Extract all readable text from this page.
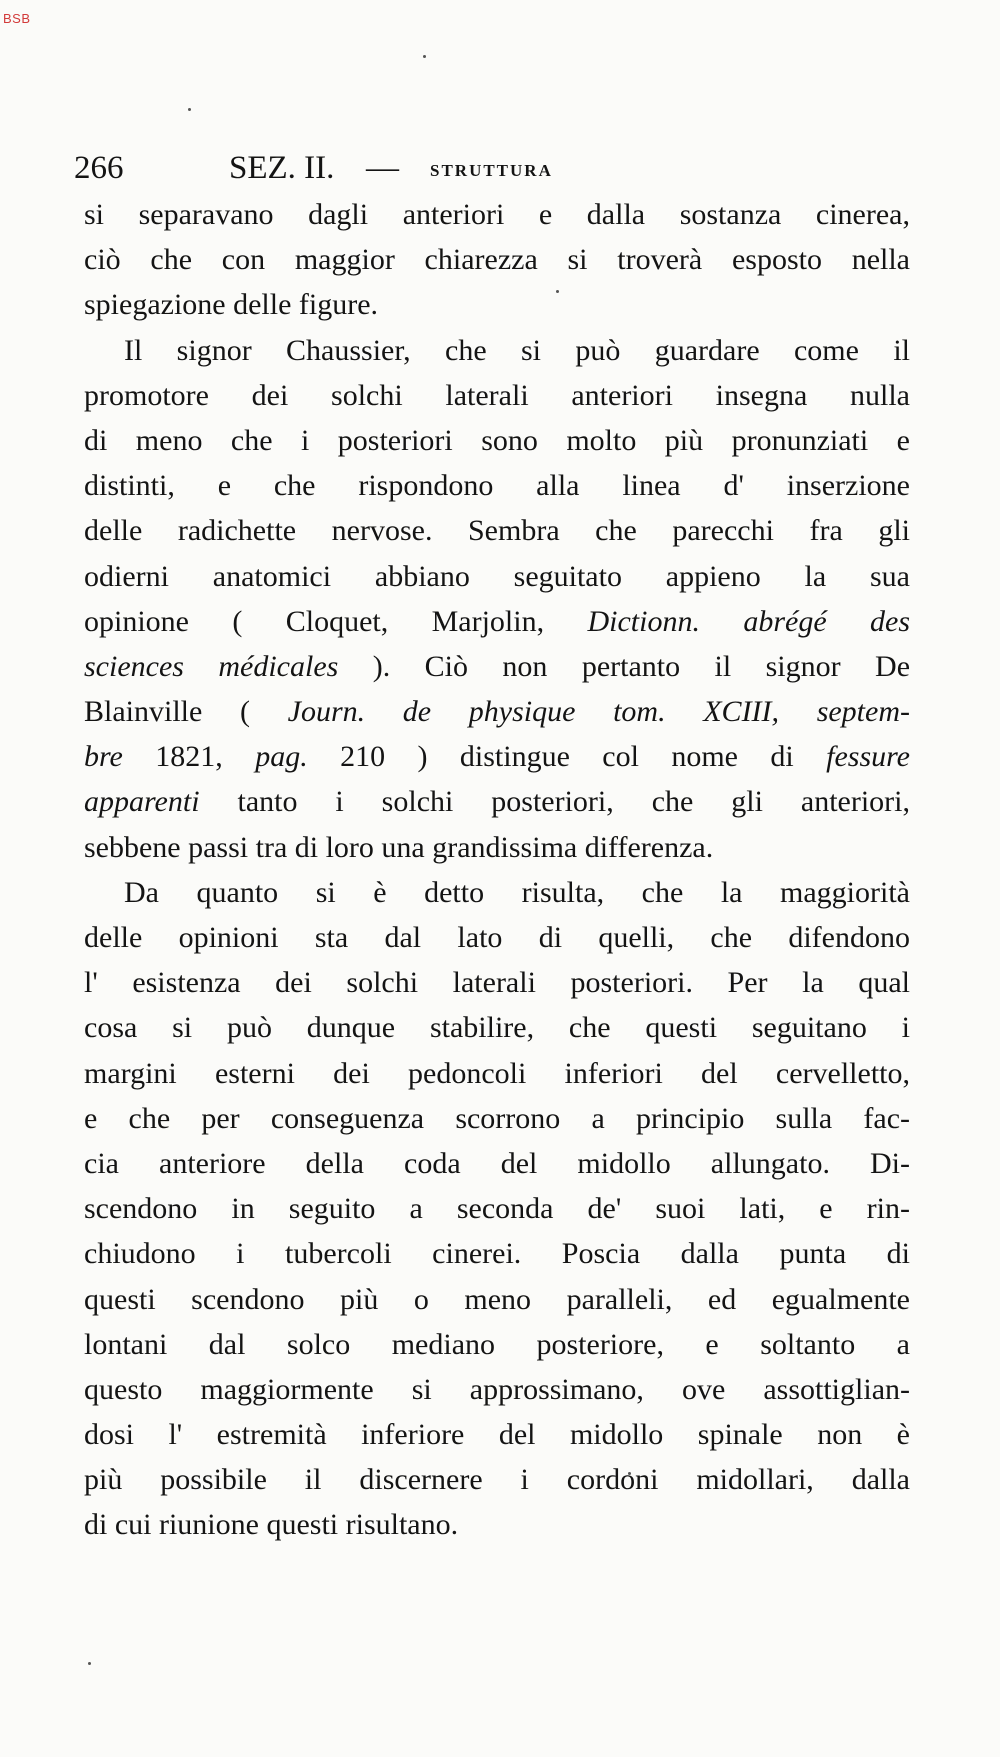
BSB
266	SEZ. II. — STRUTTURA
si separavano dagli anteriori e dalla sostanza cinerea,
ciò che con maggior chiarezza si troverà esposto nella
spiegazione delle figure.
Il signor Chaussier, che si può guardare come il
promotore dei solchi laterali anteriori insegna nulla
di meno che i posteriori sono molto più pronunziati e
distinti, e che rispondono alla linea d' inserzione
delle radichette nervose. Sembra che parecchi fra gli
odierni anatomici abbiano seguitato appieno la sua
opinione ( Cloquet, Marjolin, Dictionn. abrégé des
sciences médicales ). Ciò non pertanto il signor De
Blainville ( Journ. de physique tom. XCIII, septem-
bre 1821, pag. 210 ) distingue col nome di fessure
apparenti tanto i solchi posteriori, che gli anteriori,
sebbene passi tra di loro una grandissima differenza.
Da quanto si è detto risulta, che la maggiorità
delle opinioni sta dal lato di quelli, che difendono
l' esistenza dei solchi laterali posteriori. Per la qual
cosa si può dunque stabilire, che questi seguitano i
margini esterni dei pedoncoli inferiori del cervelletto,
e che per conseguenza scorrono a principio sulla fac-
cia anteriore della coda del midollo allungato. Di-
scendono in seguito a seconda de' suoi lati, e rin-
chiudono i tubercoli cinerei. Poscia dalla punta di
questi scendono più o meno paralleli, ed egualmente
lontani dal solco mediano posteriore, e soltanto a
questo maggiormente si approssimano, ove assottiglian-
dosi l' estremità inferiore del midollo spinale non è
più possibile il discernere i cordoni midollari, dalla
di cui riunione questi risultano.
